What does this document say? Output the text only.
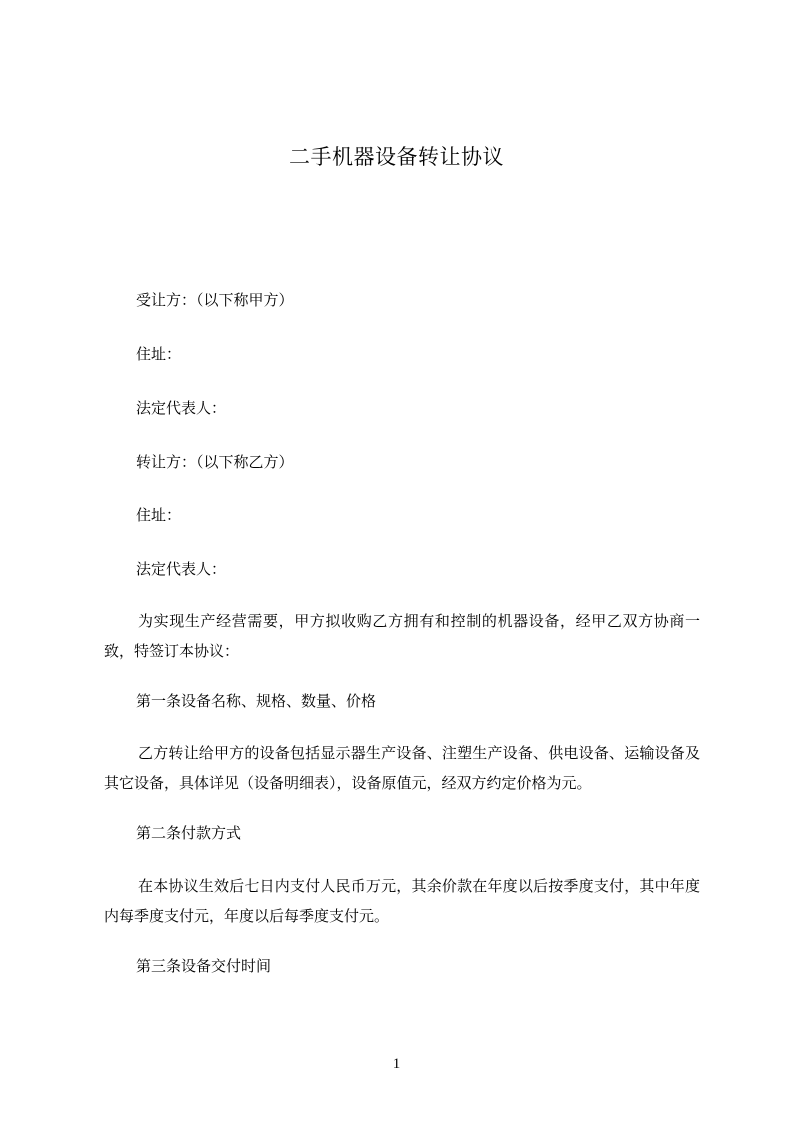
二手机器设备转让协议
受让方：（以下称甲方）
住址：
法定代表人：
转让方：（以下称乙方）
住址：
法定代表人：
为实现生产经营需要，甲方拟收购乙方拥有和控制的机器设备，经甲乙双方协商一致，特签订本协议：
第一条设备名称、规格、数量、价格
乙方转让给甲方的设备包括显示器生产设备、注塑生产设备、供电设备、运输设备及其它设备，具体详见（设备明细表），设备原值元，经双方约定价格为元。
第二条付款方式
在本协议生效后七日内支付人民币万元，其余价款在年度以后按季度支付，其中年度内每季度支付元，年度以后每季度支付元。
第三条设备交付时间
1
